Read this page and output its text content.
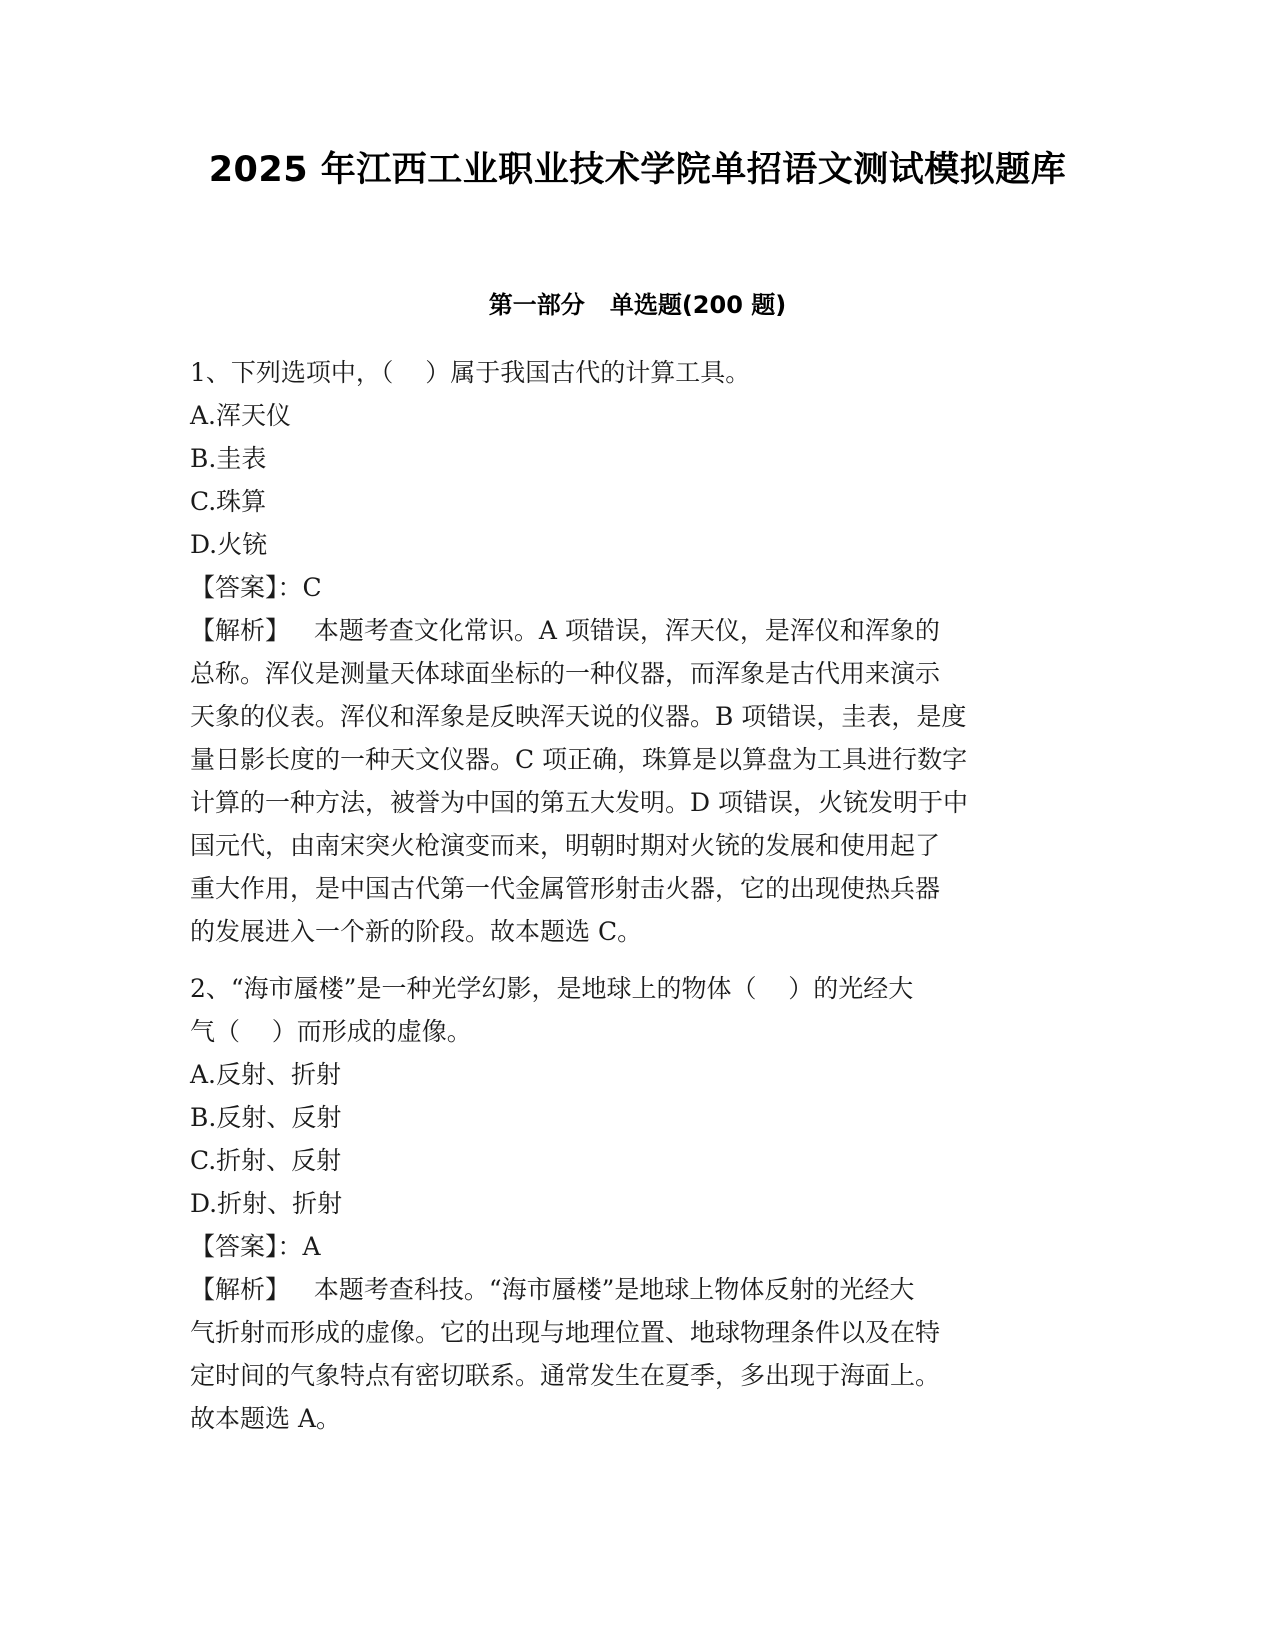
2025 年江西工业职业技术学院单招语文测试模拟题库
第一部分   单选题(200 题)
1、下列选项中，（    ）属于我国古代的计算工具。
A.浑天仪
B.圭表
C.珠算
D.火铳
【答案】：C
【解析】   本题考查文化常识。A 项错误，浑天仪，是浑仪和浑象的
总称。浑仪是测量天体球面坐标的一种仪器，而浑象是古代用来演示
天象的仪表。浑仪和浑象是反映浑天说的仪器。B 项错误，圭表，是度
量日影长度的一种天文仪器。C 项正确，珠算是以算盘为工具进行数字
计算的一种方法，被誉为中国的第五大发明。D 项错误，火铳发明于中
国元代，由南宋突火枪演变而来，明朝时期对火铳的发展和使用起了
重大作用，是中国古代第一代金属管形射击火器，它的出现使热兵器
的发展进入一个新的阶段。故本题选 C。
2、“海市蜃楼”是一种光学幻影，是地球上的物体（    ）的光经大
气（    ）而形成的虚像。
A.反射、折射
B.反射、反射
C.折射、反射
D.折射、折射
【答案】：A
【解析】   本题考查科技。“海市蜃楼”是地球上物体反射的光经大
气折射而形成的虚像。它的出现与地理位置、地球物理条件以及在特
定时间的气象特点有密切联系。通常发生在夏季，多出现于海面上。
故本题选 A。
